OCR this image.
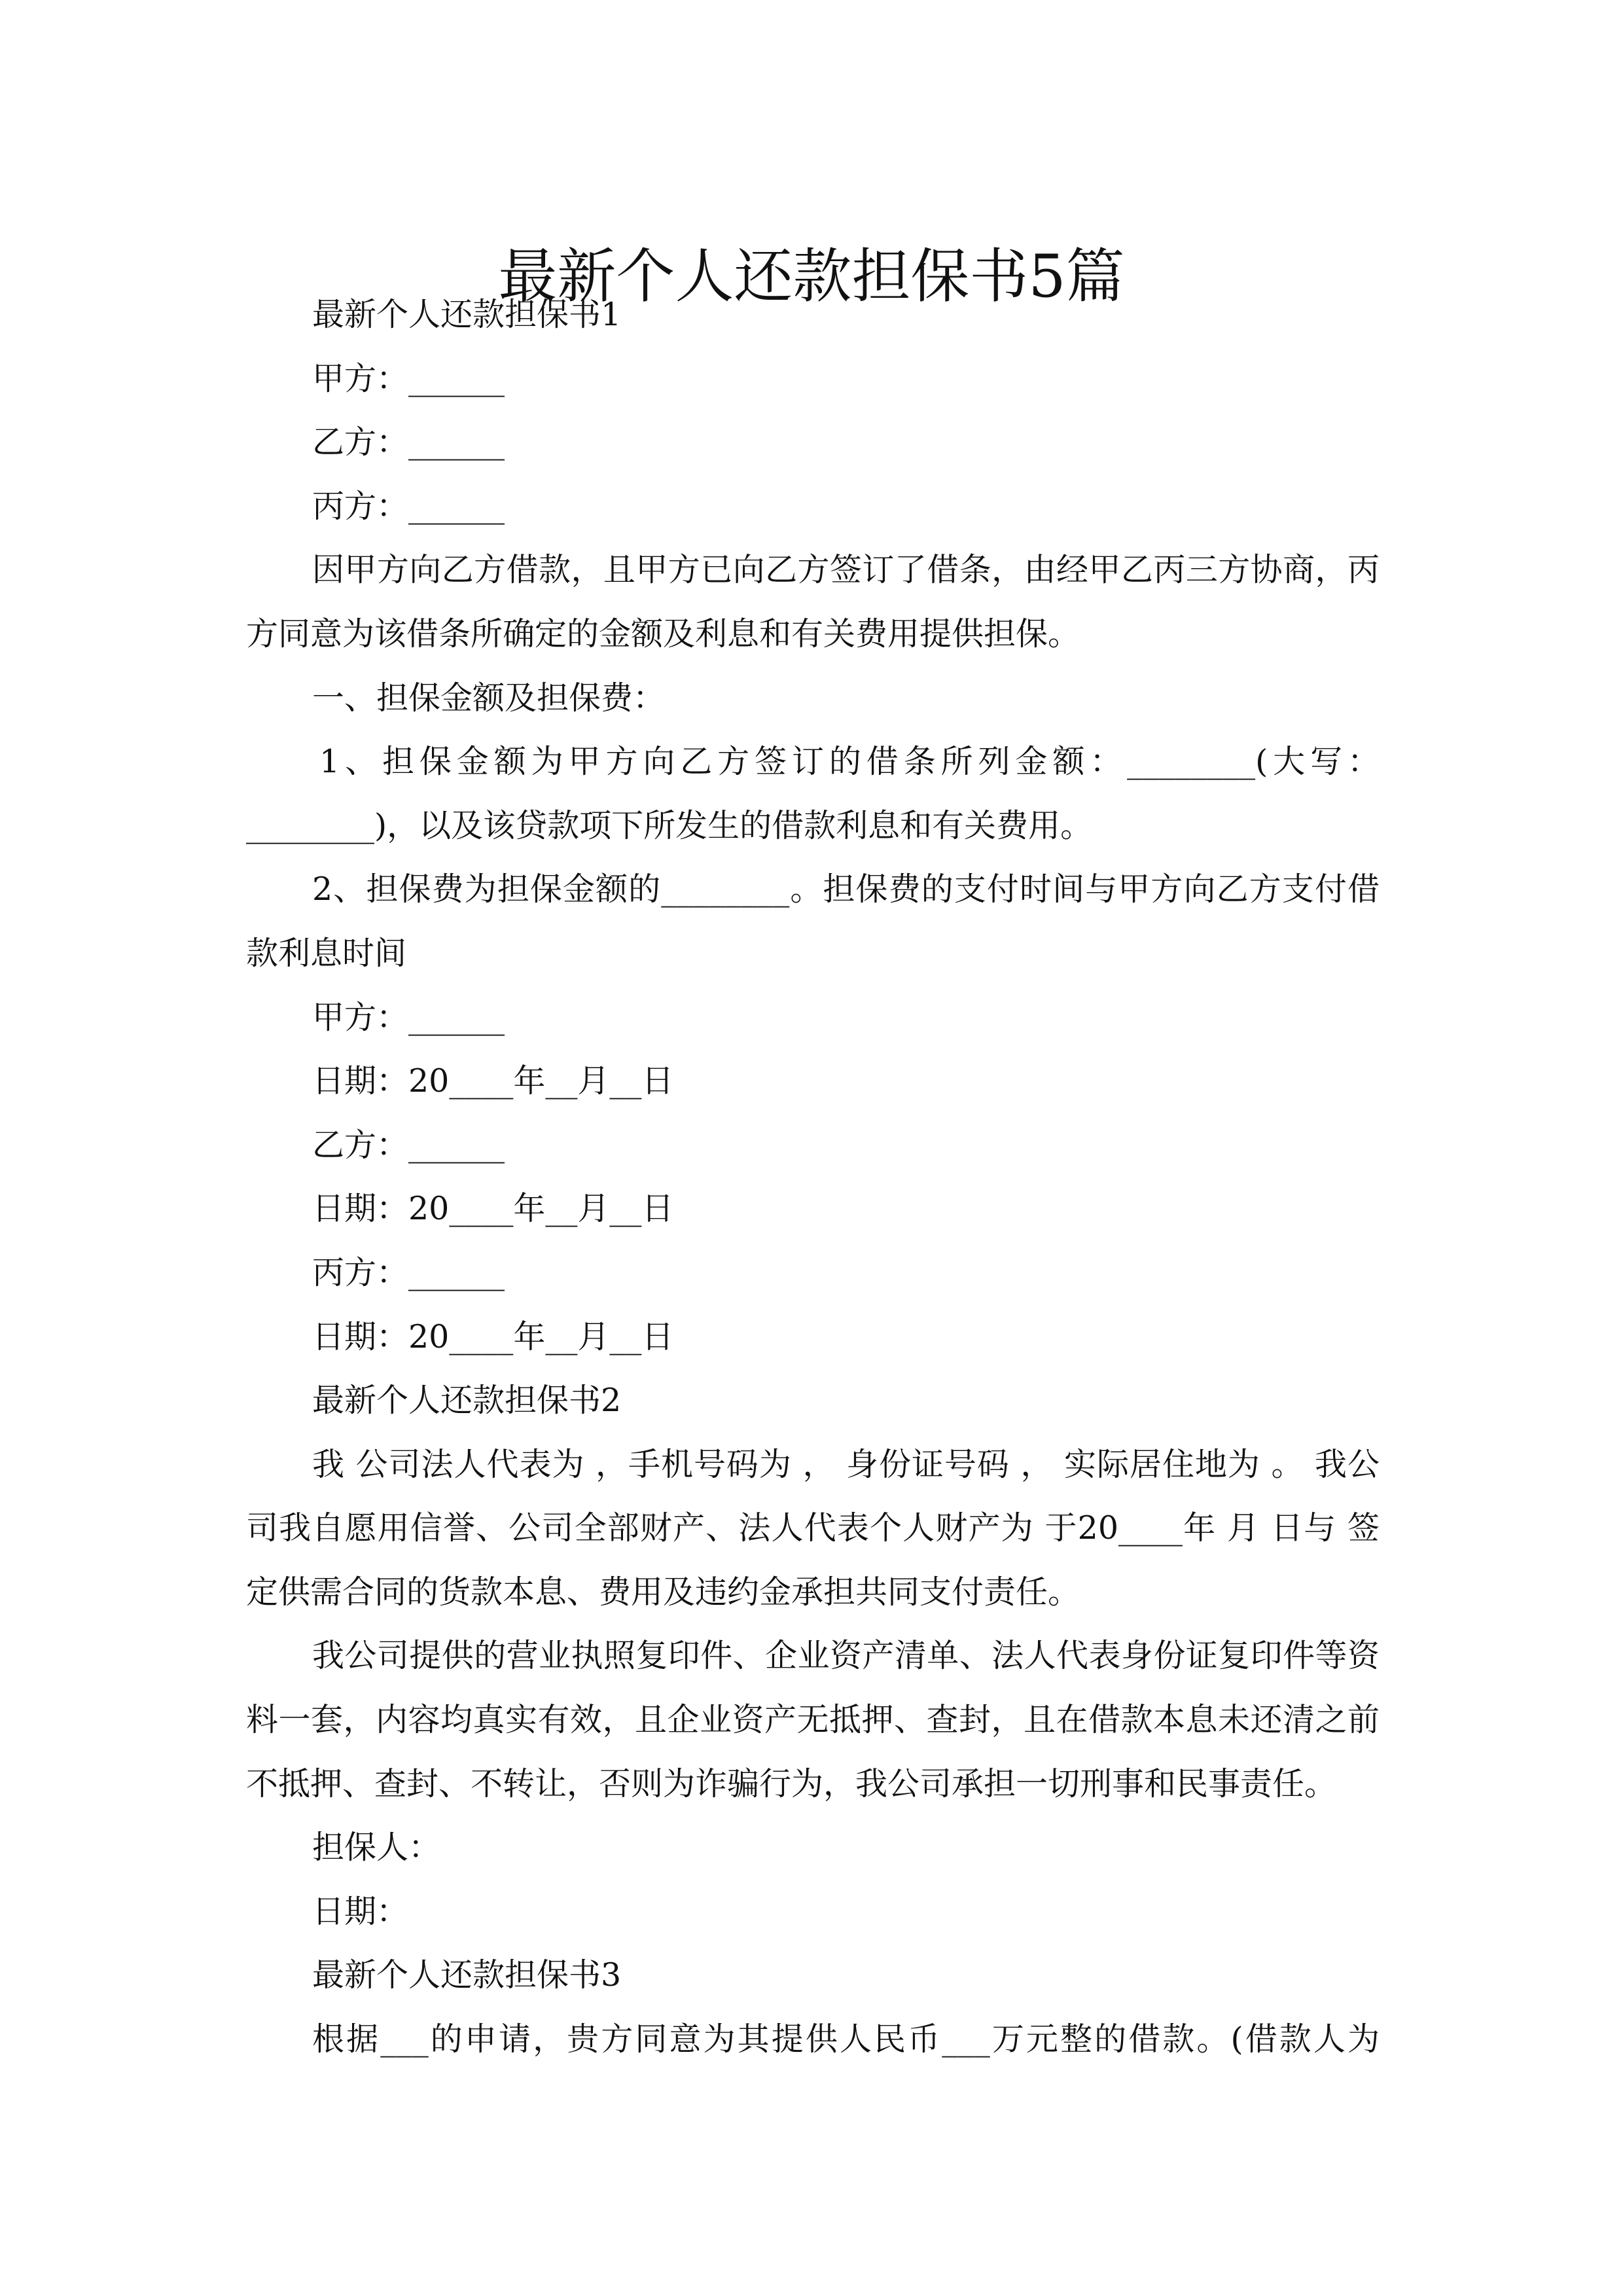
最新个人还款担保书5篇
最新个人还款担保书1
甲方：______
乙方：______
丙方：______
因甲方向乙方借款，且甲方已向乙方签订了借条，由经甲乙丙三方协商，丙
方同意为该借条所确定的金额及利息和有关费用提供担保。
一、担保金额及担保费：
1、担保金额为甲方向乙方签订的借条所列金额：________(大写：
________)，以及该贷款项下所发生的借款利息和有关费用。
2、担保费为担保金额的________。担保费的支付时间与甲方向乙方支付借
款利息时间
甲方：______
日期：20____年__月__日
乙方：______
日期：20____年__月__日
丙方：______
日期：20____年__月__日
最新个人还款担保书2
我 公司法人代表为 ，手机号码为 ， 身份证号码 ， 实际居住地为 。 我公
司我自愿用信誉、公司全部财产、法人代表个人财产为 于20____年 月 日与 签
定供需合同的货款本息、费用及违约金承担共同支付责任。
我公司提供的营业执照复印件、企业资产清单、法人代表身份证复印件等资
料一套，内容均真实有效，且企业资产无抵押、查封，且在借款本息未还清之前
不抵押、查封、不转让，否则为诈骗行为，我公司承担一切刑事和民事责任。
担保人：
日期：
最新个人还款担保书3
根据___的申请，贵方同意为其提供人民币___万元整的借款。(借款人为
